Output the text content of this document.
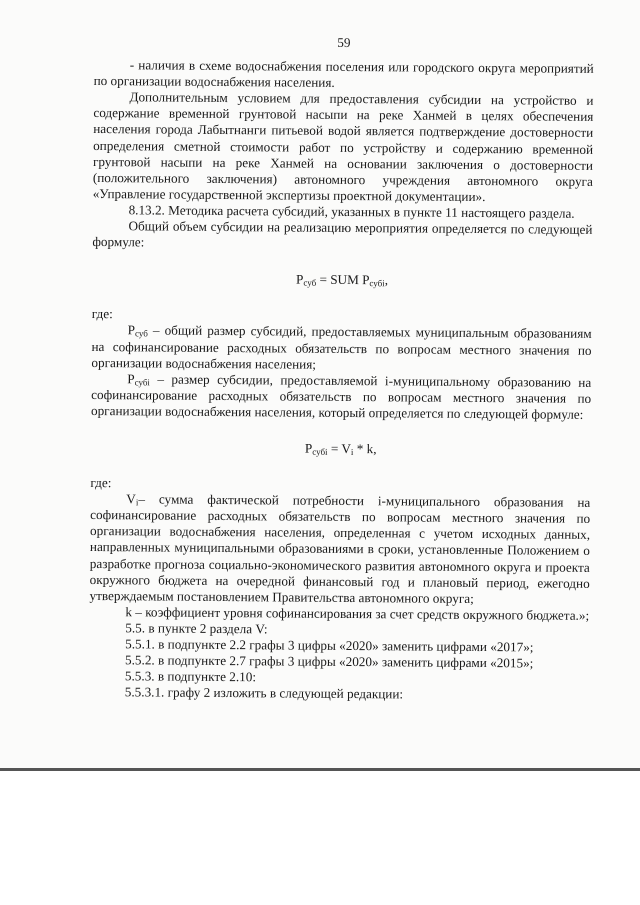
59

- наличия в схеме водоснабжения поселения или городского округа мероприятий по организации водоснабжения населения.

Дополнительным условием для предоставления субсидии на устройство и содержание временной грунтовой насыпи на реке Ханмей в целях обеспечения населения города Лабытнанги питьевой водой является подтверждение достоверности определения сметной стоимости работ по устройству и содержанию временной грунтовой насыпи на реке Ханмей на основании заключения о достоверности (положительного заключения) автономного учреждения автономного округа «Управление государственной экспертизы проектной документации».

8.13.2. Методика расчета субсидий, указанных в пункте 11 настоящего раздела.

Общий объем субсидии на реализацию мероприятия определяется по следующей формуле:

$P_{суб}$ = SUM $P_{субi}$,

где:

$P_{суб}$ – общий размер субсидий, предоставляемых муниципальным образованиям на софинансирование расходных обязательств по вопросам местного значения по организации водоснабжения населения;

$P_{субi}$ – размер субсидии, предоставляемой i-муниципальному образованию на софинансирование расходных обязательств по вопросам местного значения по организации водоснабжения населения, который определяется по следующей формуле:

$P_{субi} = V_i * k$,

где:

$V_i-$ сумма фактической потребности i-муниципального образования на софинансирование расходных обязательств по вопросам местного значения по организации водоснабжения населения, определенная с учетом исходных данных, направленных муниципальными образованиями в сроки, установленные Положением о разработке прогноза социально-экономического развития автономного округа и проекта окружного бюджета на очередной финансовый год и плановый период, ежегодно утверждаемым постановлением Правительства автономного округа;

k – коэффициент уровня софинансирования за счет средств окружного бюджета.»;

5.5. в пункте 2 раздела V:

5.5.1. в подпункте 2.2 графы 3 цифры «2020» заменить цифрами «2017»;

5.5.2. в подпункте 2.7 графы 3 цифры «2020» заменить цифрами «2015»;

5.5.3. в подпункте 2.10:

5.5.3.1. графу 2 изложить в следующей редакции:
